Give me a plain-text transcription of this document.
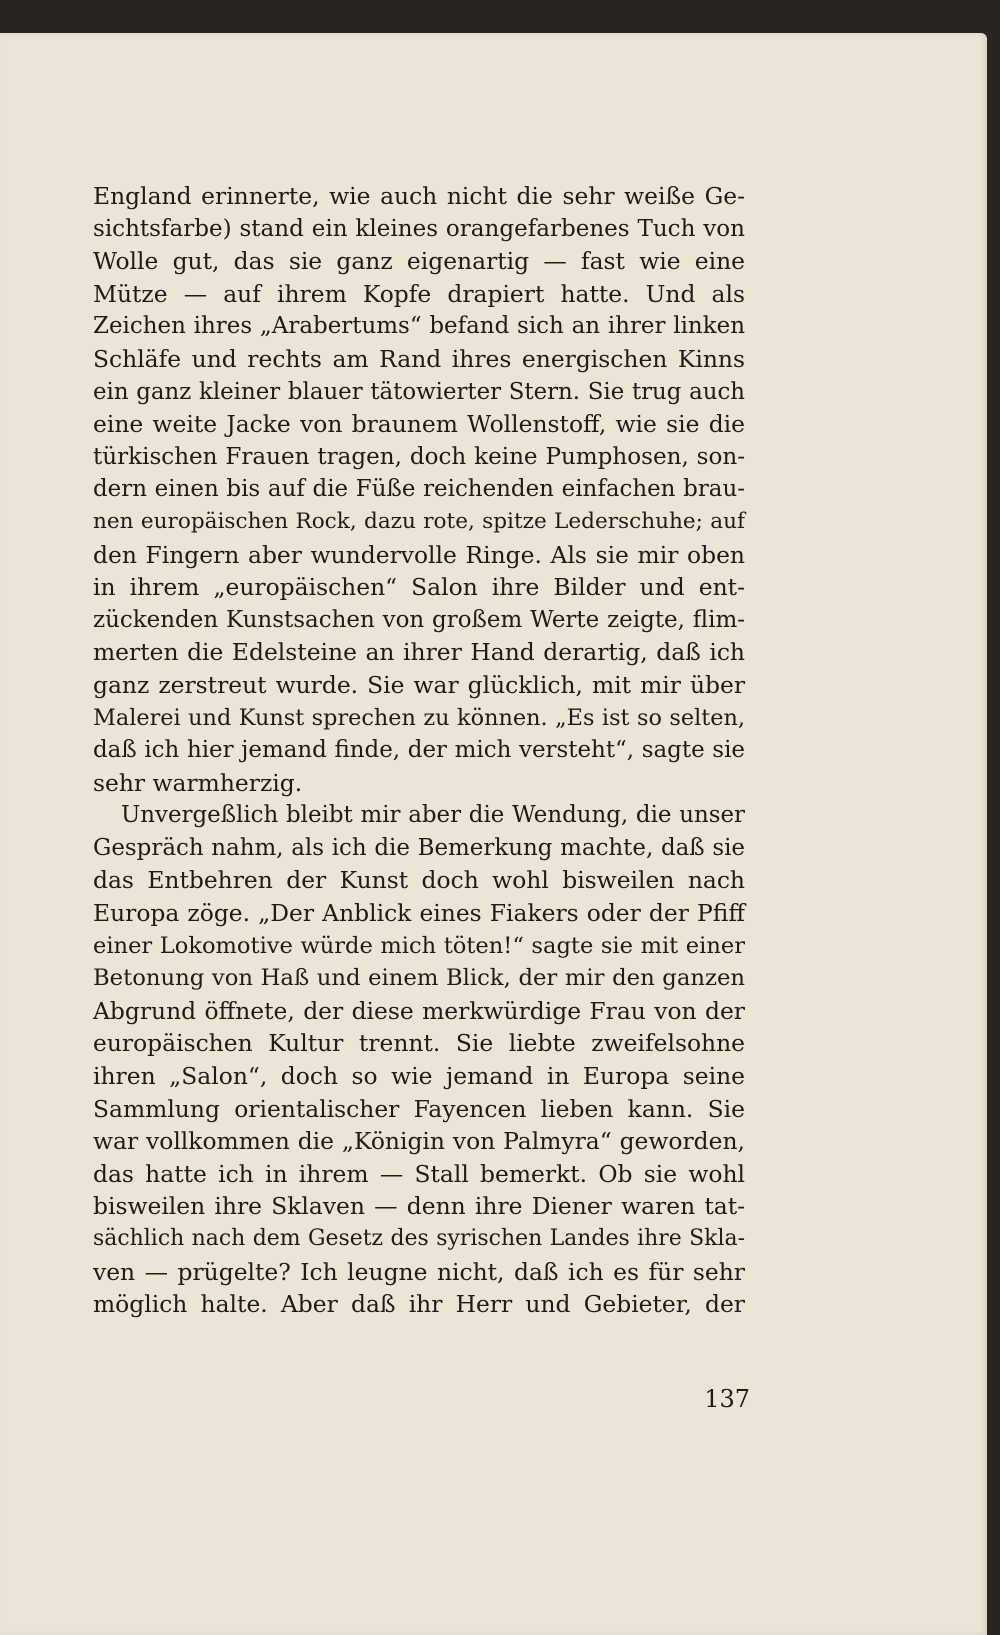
England erinnerte, wie auch nicht die sehr weiße Ge-
sichtsfarbe) stand ein kleines orangefarbenes Tuch von
Wolle gut, das sie ganz eigenartig — fast wie eine
Mütze — auf ihrem Kopfe drapiert hatte. Und als
Zeichen ihres „Arabertums“ befand sich an ihrer linken
Schläfe und rechts am Rand ihres energischen Kinns
ein ganz kleiner blauer tätowierter Stern. Sie trug auch
eine weite Jacke von braunem Wollenstoff, wie sie die
türkischen Frauen tragen, doch keine Pumphosen, son-
dern einen bis auf die Füße reichenden einfachen brau-
nen europäischen Rock, dazu rote, spitze Lederschuhe; auf
den Fingern aber wundervolle Ringe. Als sie mir oben
in ihrem „europäischen“ Salon ihre Bilder und ent-
zückenden Kunstsachen von großem Werte zeigte, flim-
merten die Edelsteine an ihrer Hand derartig, daß ich
ganz zerstreut wurde. Sie war glücklich, mit mir über
Malerei und Kunst sprechen zu können. „Es ist so selten,
daß ich hier jemand finde, der mich versteht“, sagte sie
sehr warmherzig.

Unvergeßlich bleibt mir aber die Wendung, die unser
Gespräch nahm, als ich die Bemerkung machte, daß sie
das Entbehren der Kunst doch wohl bisweilen nach
Europa zöge. „Der Anblick eines Fiakers oder der Pfiff
einer Lokomotive würde mich töten!“ sagte sie mit einer
Betonung von Haß und einem Blick, der mir den ganzen
Abgrund öffnete, der diese merkwürdige Frau von der
europäischen Kultur trennt. Sie liebte zweifelsohne
ihren „Salon“, doch so wie jemand in Europa seine
Sammlung orientalischer Fayencen lieben kann. Sie
war vollkommen die „Königin von Palmyra“ geworden,
das hatte ich in ihrem — Stall bemerkt. Ob sie wohl
bisweilen ihre Sklaven — denn ihre Diener waren tat-
sächlich nach dem Gesetz des syrischen Landes ihre Skla-
ven — prügelte? Ich leugne nicht, daß ich es für sehr
möglich halte. Aber daß ihr Herr und Gebieter, der

137
